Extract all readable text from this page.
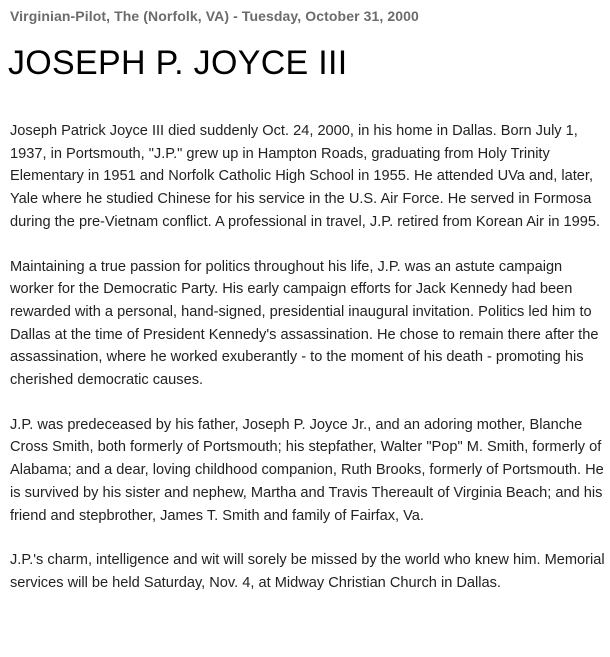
Virginian-Pilot, The (Norfolk, VA) - Tuesday, October 31, 2000
JOSEPH P. JOYCE III

Joseph Patrick Joyce III died suddenly Oct. 24, 2000, in his home in Dallas. Born July 1, 1937, in Portsmouth, "J.P." grew up in Hampton Roads, graduating from Holy Trinity Elementary in 1951 and Norfolk Catholic High School in 1955. He attended UVa and, later, Yale where he studied Chinese for his service in the U.S. Air Force. He served in Formosa during the pre-Vietnam conflict. A professional in travel, J.P. retired from Korean Air in 1995.

Maintaining a true passion for politics throughout his life, J.P. was an astute campaign worker for the Democratic Party. His early campaign efforts for Jack Kennedy had been rewarded with a personal, hand-signed, presidential inaugural invitation. Politics led him to Dallas at the time of President Kennedy's assassination. He chose to remain there after the assassination, where he worked exuberantly - to the moment of his death - promoting his cherished democratic causes.

J.P. was predeceased by his father, Joseph P. Joyce Jr., and an adoring mother, Blanche Cross Smith, both formerly of Portsmouth; his stepfather, Walter "Pop" M. Smith, formerly of Alabama; and a dear, loving childhood companion, Ruth Brooks, formerly of Portsmouth. He is survived by his sister and nephew, Martha and Travis Thereault of Virginia Beach; and his friend and stepbrother, James T. Smith and family of Fairfax, Va.

J.P.'s charm, intelligence and wit will sorely be missed by the world who knew him. Memorial services will be held Saturday, Nov. 4, at Midway Christian Church in Dallas.
